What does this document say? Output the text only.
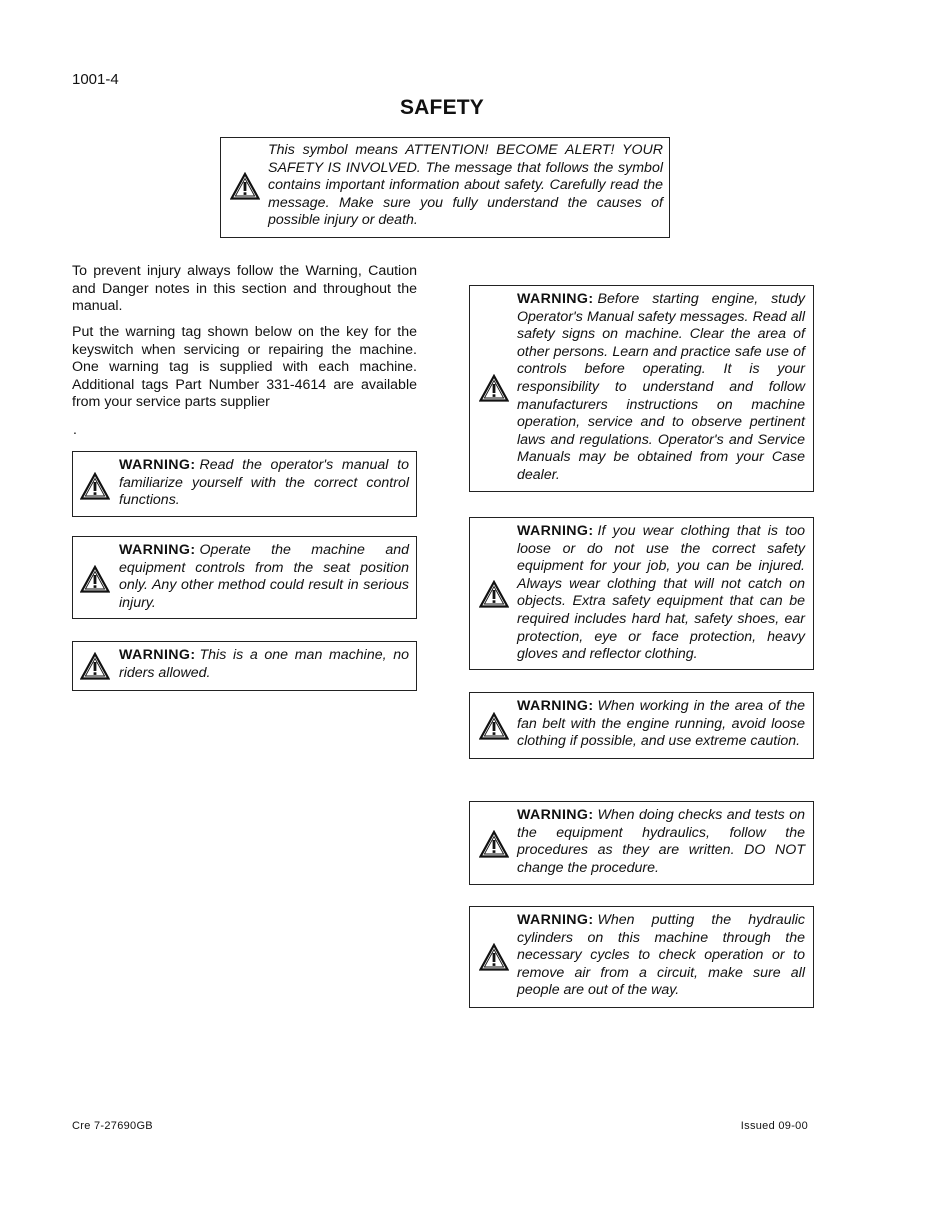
1001-4
SAFETY
This symbol means ATTENTION! BECOME ALERT! YOUR SAFETY IS INVOLVED. The message that follows the symbol contains important information about safety. Carefully read the message. Make sure you fully understand the causes of possible injury or death.
To prevent injury always follow the Warning, Caution and Danger notes in this section and throughout the manual.
Put the warning tag shown below on the key for the keyswitch when servicing or repairing the machine. One warning tag is supplied with each machine. Additional tags Part Number 331-4614 are available from your service parts supplier
.
WARNING: Read the operator's manual to familiarize yourself with the correct control functions.
WARNING: Operate the machine and equipment controls from the seat position only. Any other method could result in serious injury.
WARNING: This is a one man machine, no riders allowed.
WARNING: Before starting engine, study Operator's Manual safety messages. Read all safety signs on machine. Clear the area of other persons. Learn and practice safe use of controls before operating. It is your responsibility to understand and follow manufacturers instructions on machine operation, service and to observe pertinent laws and regulations. Operator's and Service Manuals may be obtained from your Case dealer.
WARNING: If you wear clothing that is too loose or do not use the correct safety equipment for your job, you can be injured. Always wear clothing that will not catch on objects. Extra safety equipment that can be required includes hard hat, safety shoes, ear protection, eye or face protection, heavy gloves and reflector clothing.
WARNING: When working in the area of the fan belt with the engine running, avoid loose clothing if possible, and use extreme caution.
WARNING: When doing checks and tests on the equipment hydraulics, follow the procedures as they are written. DO NOT change the procedure.
WARNING: When putting the hydraulic cylinders on this machine through the necessary cycles to check operation or to remove air from a circuit, make sure all people are out of the way.
Cre 7-27690GB	Issued 09-00
